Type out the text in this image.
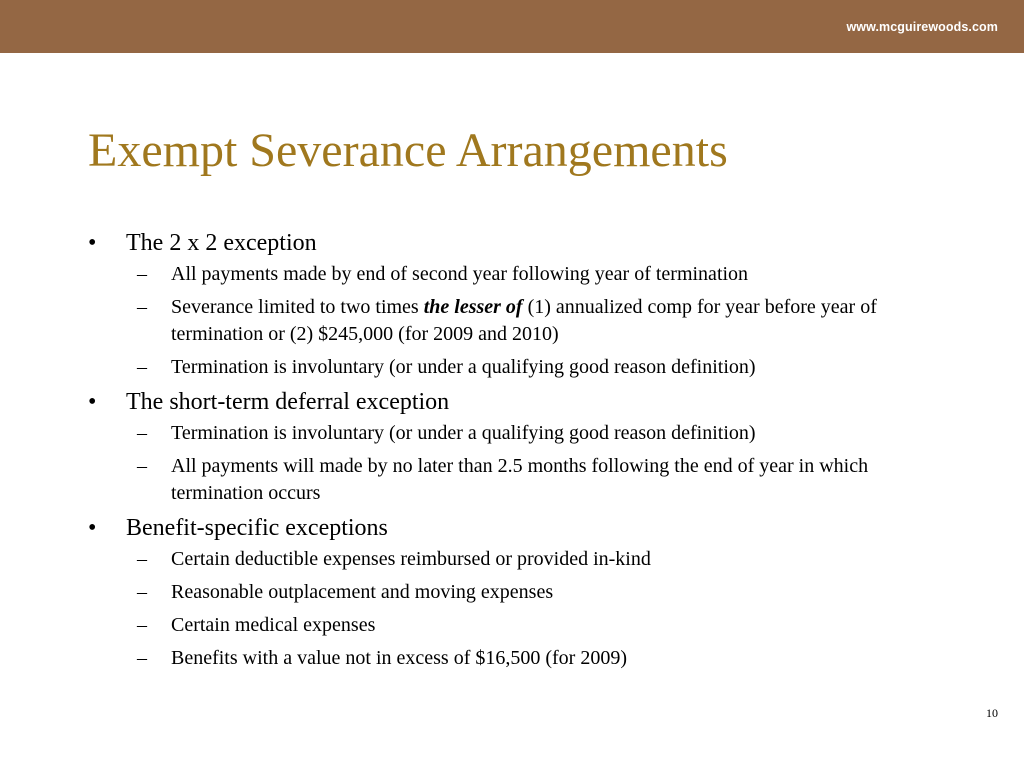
www.mcguirewoods.com
Exempt Severance Arrangements
• The 2 x 2 exception
– All payments made by end of second year following year of termination
– Severance limited to two times the lesser of (1) annualized comp for year before year of termination or (2) $245,000 (for 2009 and 2010)
– Termination is involuntary (or under a qualifying good reason definition)
• The short-term deferral exception
– Termination is involuntary (or under a qualifying good reason definition)
– All payments will made by no later than 2.5 months following the end of year in which termination occurs
• Benefit-specific exceptions
– Certain deductible expenses reimbursed or provided in-kind
– Reasonable outplacement and moving expenses
– Certain medical expenses
– Benefits with a value not in excess of $16,500 (for 2009)
10
